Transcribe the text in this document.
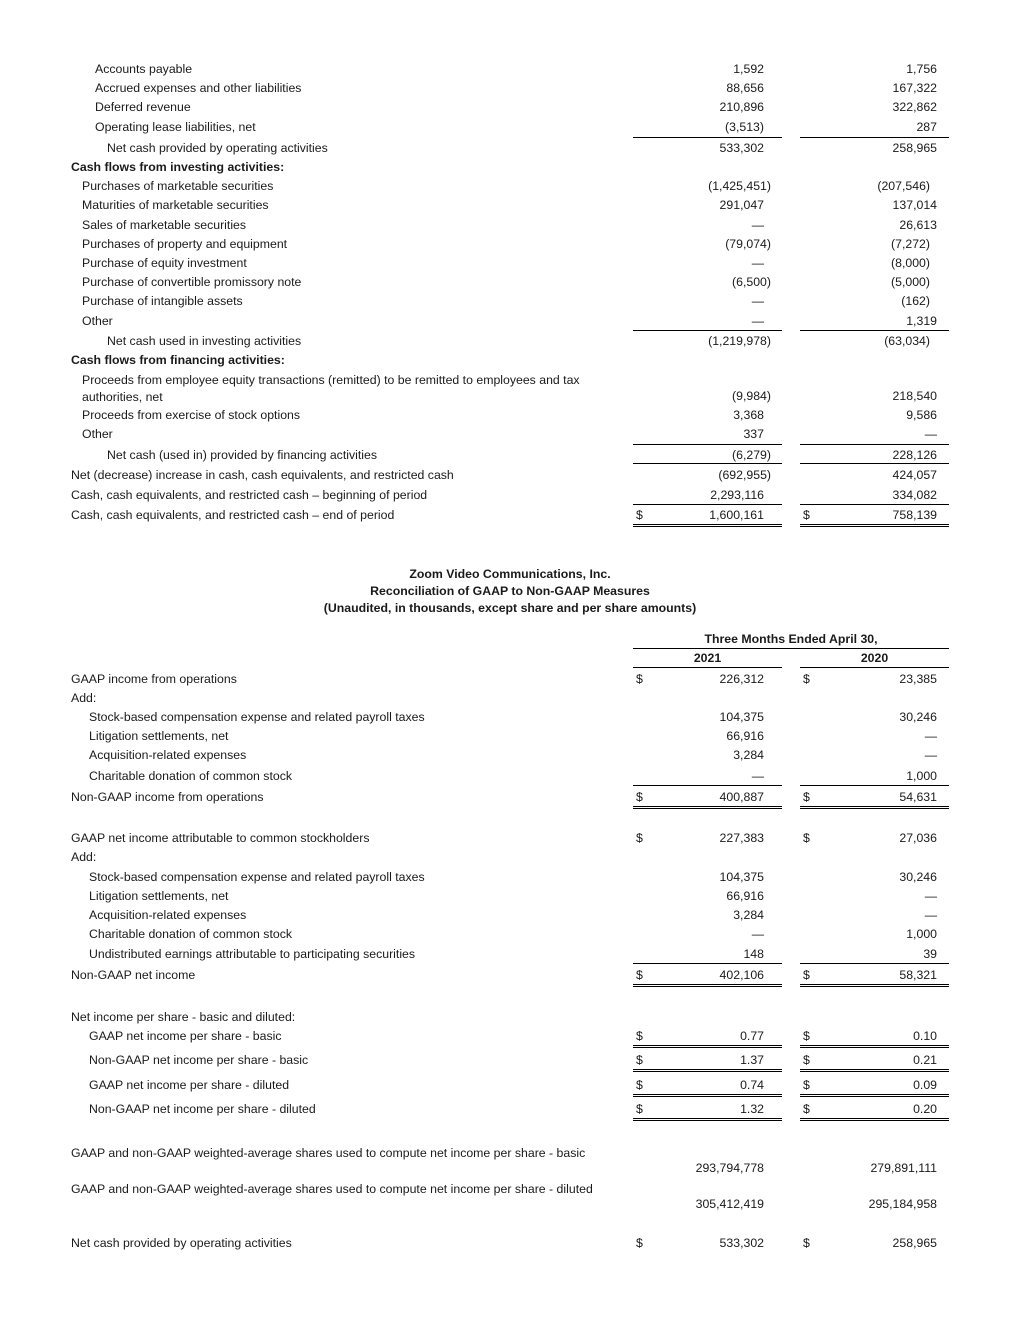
Accounts payable	1,592	1,756
Accrued expenses and other liabilities	88,656	167,322
Deferred revenue	210,896	322,862
Operating lease liabilities, net	(3,513)	287
Net cash provided by operating activities	533,302	258,965
Cash flows from investing activities:
Purchases of marketable securities	(1,425,451)	(207,546)
Maturities of marketable securities	291,047	137,014
Sales of marketable securities	—	26,613
Purchases of property and equipment	(79,074)	(7,272)
Purchase of equity investment	—	(8,000)
Purchase of convertible promissory note	(6,500)	(5,000)
Purchase of intangible assets	—	(162)
Other	—	1,319
Net cash used in investing activities	(1,219,978)	(63,034)
Cash flows from financing activities:
Proceeds from employee equity transactions (remitted) to be remitted to employees and tax authorities, net	(9,984)	218,540
Proceeds from exercise of stock options	3,368	9,586
Other	337	—
Net cash (used in) provided by financing activities	(6,279)	228,126
Net (decrease) increase in cash, cash equivalents, and restricted cash	(692,955)	424,057
Cash, cash equivalents, and restricted cash – beginning of period	2,293,116	334,082
Cash, cash equivalents, and restricted cash – end of period	$	1,600,161	$	758,139
Zoom Video Communications, Inc.
Reconciliation of GAAP to Non-GAAP Measures
(Unaudited, in thousands, except share and per share amounts)
Three Months Ended April 30,
2021	2020
GAAP income from operations	$	226,312	$	23,385
Add:
Stock-based compensation expense and related payroll taxes	104,375	30,246
Litigation settlements, net	66,916	—
Acquisition-related expenses	3,284	—
Charitable donation of common stock	—	1,000
Non-GAAP income from operations	$	400,887	$	54,631
GAAP net income attributable to common stockholders	$	227,383	$	27,036
Add:
Stock-based compensation expense and related payroll taxes	104,375	30,246
Litigation settlements, net	66,916	—
Acquisition-related expenses	3,284	—
Charitable donation of common stock	—	1,000
Undistributed earnings attributable to participating securities	148	39
Non-GAAP net income	$	402,106	$	58,321
Net income per share - basic and diluted:
GAAP net income per share - basic	$	0.77	$	0.10
Non-GAAP net income per share - basic	$	1.37	$	0.21
GAAP net income per share - diluted	$	0.74	$	0.09
Non-GAAP net income per share - diluted	$	1.32	$	0.20
GAAP and non-GAAP weighted-average shares used to compute net income per share - basic
293,794,778	279,891,111
GAAP and non-GAAP weighted-average shares used to compute net income per share - diluted
305,412,419	295,184,958
Net cash provided by operating activities	$	533,302	$	258,965
